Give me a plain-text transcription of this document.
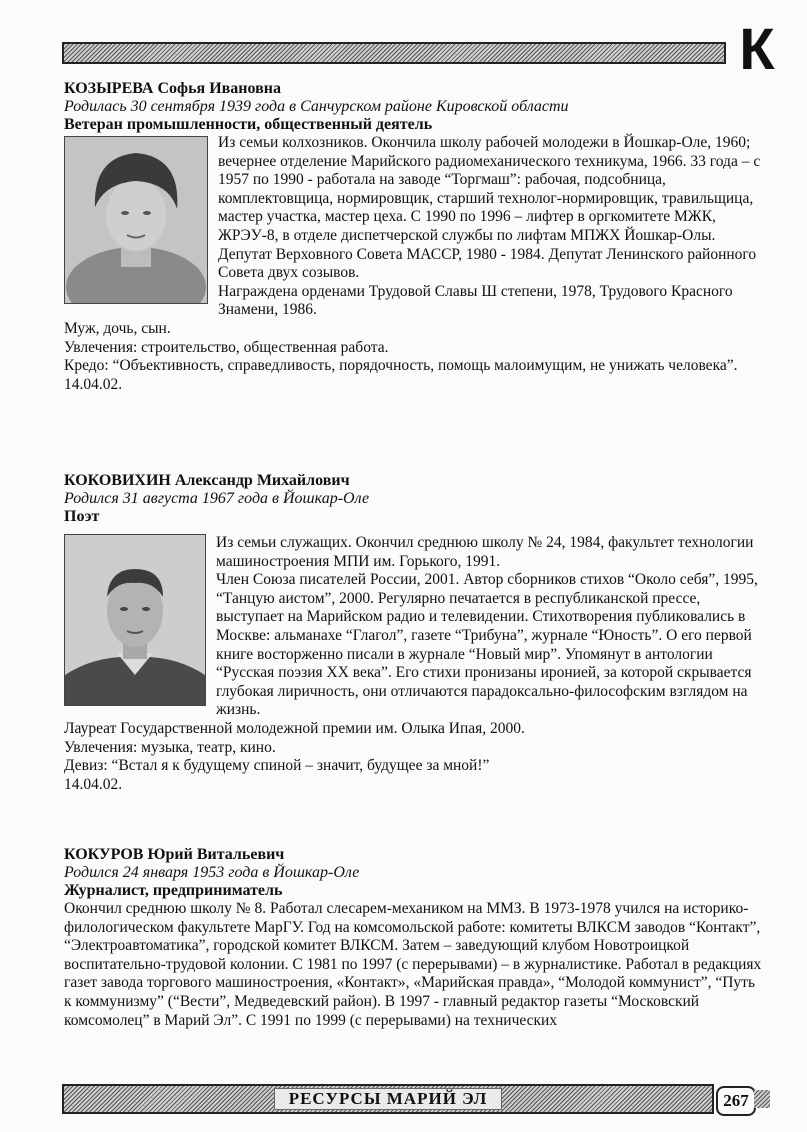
К

КОЗЫРЕВА Софья Ивановна

Родилась 30 сентября 1939 года в Санчурском районе Кировской области

Ветеран промышленности, общественный деятель

Из семьи колхозников. Окончила школу рабочей молодежи в Йошкар-Оле, 1960; вечернее отделение Марийского радиомеханического техникума, 1966. 33 года – с 1957 по 1990 - работала на заводе “Торгмаш”: рабочая, подсобница, комплектовщица, нормировщик, старший технолог-нормировщик, травильщица, мастер участка, мастер цеха. С 1990 по 1996 – лифтер в оргкомитете МЖК, ЖРЭУ-8, в отделе диспетчерской службы по лифтам МПЖХ Йошкар-Олы. Депутат Верховного Совета МАССР, 1980 - 1984. Депутат Ленинского районного Совета двух созывов.

Награждена орденами Трудовой Славы Ш степени, 1978, Трудового Красного Знамени, 1986.

Муж, дочь, сын.

Увлечения: строительство, общественная работа.

Кредо: “Объективность, справедливость, порядочность, помощь малоимущим, не унижать человека”.

14.04.02.

КОКОВИХИН Александр Михайлович

Родился 31 августа 1967 года в Йошкар-Оле

Поэт

Из семьи служащих. Окончил среднюю школу № 24, 1984, факультет технологии машиностроения МПИ им. Горького, 1991.

Член Союза писателей России, 2001. Автор сборников стихов “Около себя”, 1995, “Танцую аистом”, 2000. Регулярно печатается в республиканской прессе, выступает на Марийском радио и телевидении. Стихотворения публиковались в Москве: альманахе “Глагол”, газете “Трибуна”, журнале “Юность”. О его первой книге восторженно писали в журнале “Новый мир”. Упомянут в антологии “Русская поэзия ХХ века”. Его стихи пронизаны иронией, за которой скрывается глубокая лиричность, они отличаются парадоксально-философским взглядом на жизнь.

Лауреат Государственной молодежной премии им. Олыка Ипая, 2000.

Увлечения: музыка, театр, кино.

Девиз: “Встал я к будущему спиной – значит, будущее за мной!”

14.04.02.

КОКУРОВ Юрий Витальевич

Родился 24 января 1953 года в Йошкар-Оле

Журналист, предприниматель

Окончил среднюю школу № 8. Работал слесарем-механиком на ММЗ. В 1973-1978 учился на историко-филологическом факультете МарГУ. Год на комсомольской работе: комитеты ВЛКСМ заводов “Контакт”, “Электроавтоматика”, городской комитет ВЛКСМ. Затем – заведующий клубом Новотроицкой воспитательно-трудовой колонии. С 1981 по 1997 (с перерывами) – в журналистике. Работал в редакциях газет завода торгового машиностроения, «Контакт», «Марийская правда», “Молодой коммунист”, “Путь к коммунизму” (“Вести”, Медведевский район). В 1997 - главный редактор газеты “Московский комсомолец” в Марий Эл”. С 1991 по 1999 (с перерывами) на технических

РЕСУРСЫ МАРИЙ ЭЛ	267
